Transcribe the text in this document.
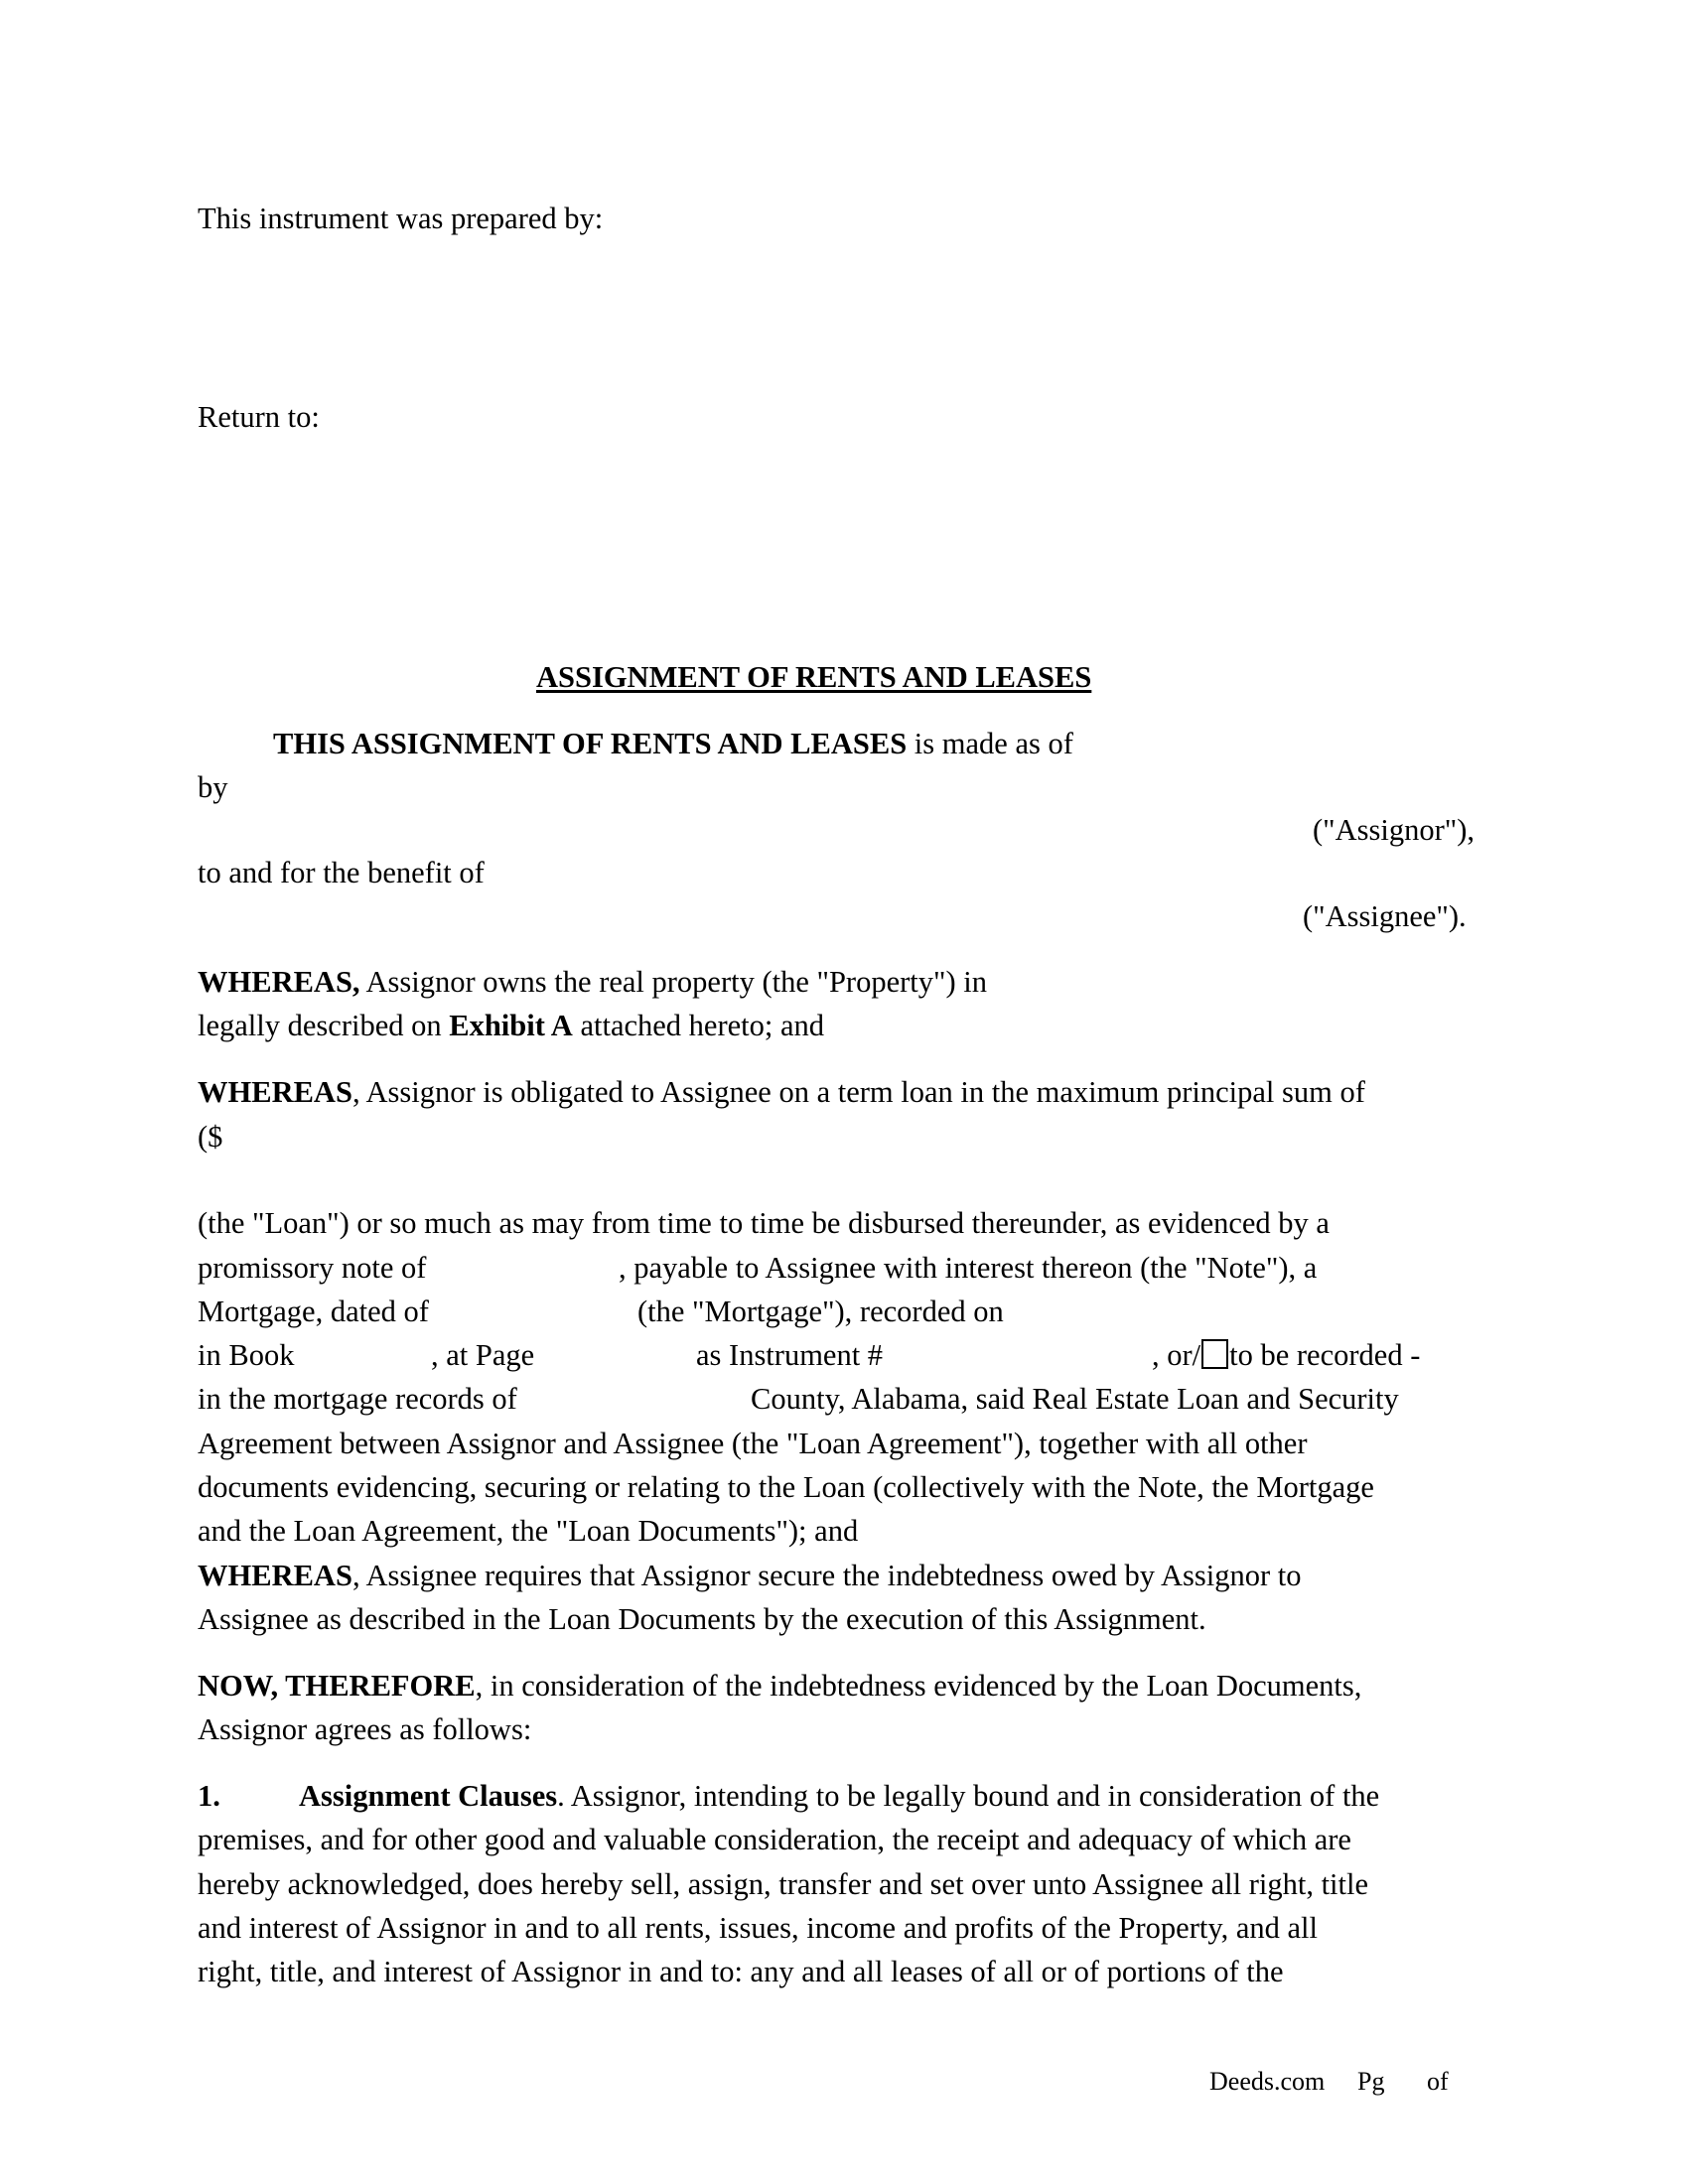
This instrument was prepared by:
Return to:
ASSIGNMENT OF RENTS AND LEASES
THIS ASSIGNMENT OF RENTS AND LEASES is made as of
by
("Assignor"),
to and for the benefit of
("Assignee").
WHEREAS, Assignor owns the real property (the "Property") in
legally described on Exhibit A attached hereto; and
WHEREAS, Assignor is obligated to Assignee on a term loan in the maximum principal sum of
($
(the "Loan") or so much as may from time to time be disbursed thereunder, as evidenced by a
promissory note of	, payable to Assignee with interest thereon (the "Note"), a
Mortgage, dated of	(the "Mortgage"), recorded on
in Book	, at Page	as Instrument #	, or/ to be recorded -
in the mortgage records of	County, Alabama, said Real Estate Loan and Security
Agreement between Assignor and Assignee (the "Loan Agreement"), together with all other
documents evidencing, securing or relating to the Loan (collectively with the Note, the Mortgage
and the Loan Agreement, the "Loan Documents"); and
WHEREAS, Assignee requires that Assignor secure the indebtedness owed by Assignor to
Assignee as described in the Loan Documents by the execution of this Assignment.
NOW, THEREFORE, in consideration of the indebtedness evidenced by the Loan Documents,
Assignor agrees as follows:
1.	Assignment Clauses. Assignor, intending to be legally bound and in consideration of the
premises, and for other good and valuable consideration, the receipt and adequacy of which are
hereby acknowledged, does hereby sell, assign, transfer and set over unto Assignee all right, title
and interest of Assignor in and to all rents, issues, income and profits of the Property, and all
right, title, and interest of Assignor in and to: any and all leases of all or of portions of the
Deeds.com Pg of
